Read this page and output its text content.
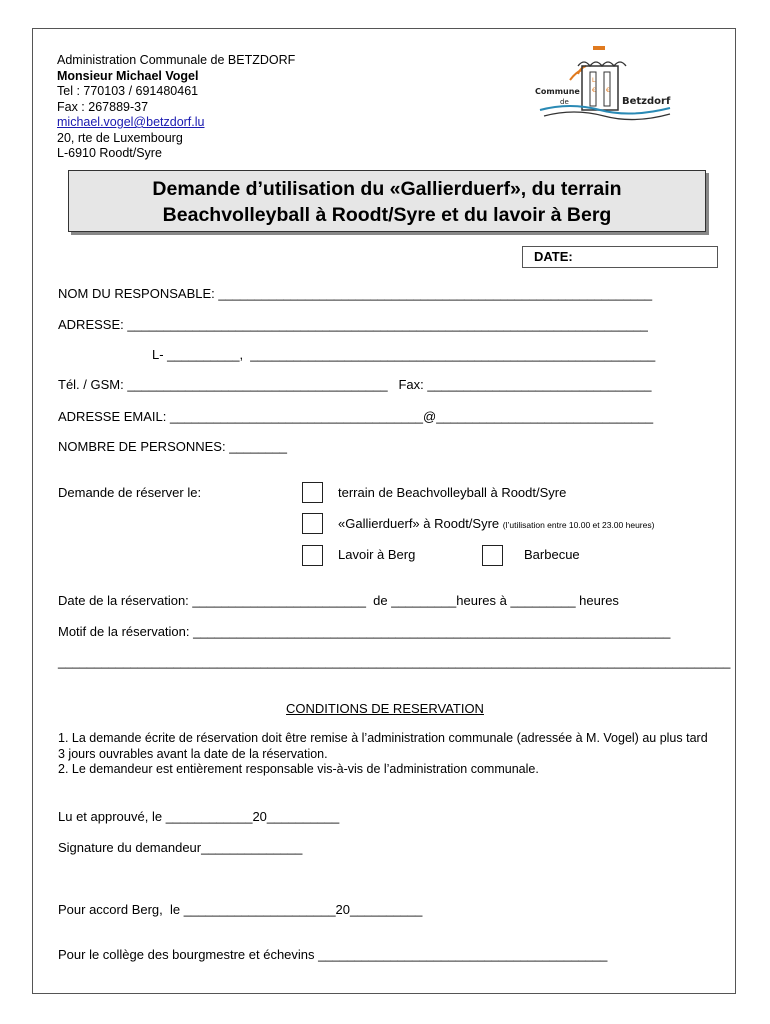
Administration Communale de BETZDORF
Monsieur Michael Vogel
Tel : 770103 / 691480461
Fax : 267889-37
michael.vogel@betzdorf.lu
20, rte de Luxembourg
L-6910 Roodt/Syre
L
€ €
Commune
de	Betzdorf
Demande d’utilisation du «Gallierduerf», du terrain
Beachvolleyball à Roodt/Syre et du lavoir à Berg
DATE:
NOM DU RESPONSABLE: ____________________________________________________________
ADRESSE: ________________________________________________________________________
L- __________,  ________________________________________________________
Tél. / GSM: ____________________________________   Fax: _______________________________
ADRESSE EMAIL: ___________________________________@______________________________
NOMBRE DE PERSONNES: ________
Demande de réserver le:	terrain de Beachvolleyball à Roodt/Syre
«Gallierduerf» à Roodt/Syre (l’utilisation entre 10.00 et 23.00 heures)
Lavoir à Berg	Barbecue
Date de la réservation: ________________________  de _________heures à _________ heures
Motif de la réservation: __________________________________________________________________
_____________________________________________________________________________________________
CONDITIONS DE RESERVATION
1. La demande écrite de réservation doit être remise à l’administration communale (adressée à M. Vogel) au plus tard 3 jours ouvrables avant la date de la réservation.
2. Le demandeur est entièrement responsable vis-à-vis de l’administration communale.
Lu et approuvé, le ____________20__________
Signature du demandeur______________
Pour accord Berg,  le _____________________20__________
Pour le collège des bourgmestre et échevins ________________________________________
